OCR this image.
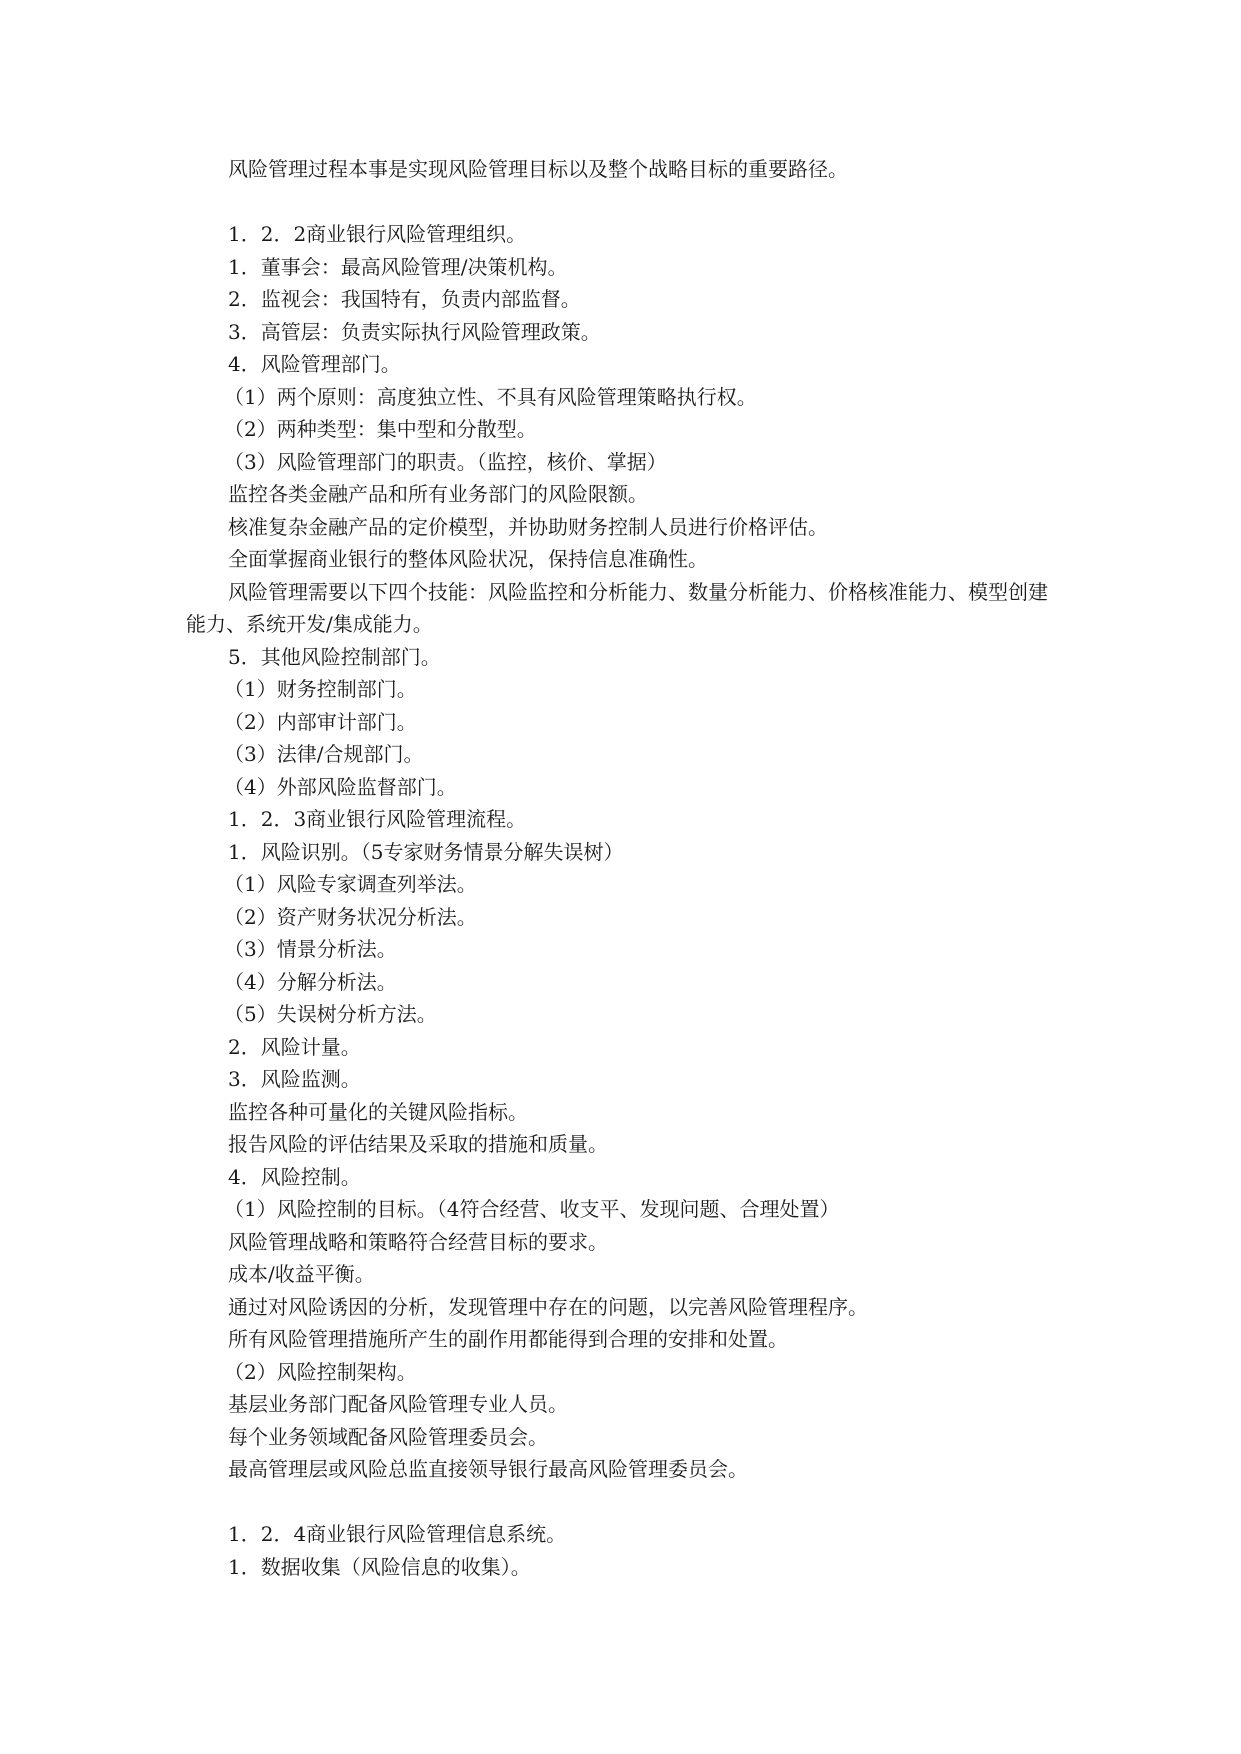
风险管理过程本事是实现风险管理目标以及整个战略目标的重要路径。
1．2．2商业银行风险管理组织。
1．董事会：最高风险管理/决策机构。
2．监视会：我国特有，负责内部监督。
3．高管层：负责实际执行风险管理政策。
4．风险管理部门。
（1）两个原则：高度独立性、不具有风险管理策略执行权。
（2）两种类型：集中型和分散型。
（3）风险管理部门的职责。（监控，核价、掌据）
监控各类金融产品和所有业务部门的风险限额。
核准复杂金融产品的定价模型，并协助财务控制人员进行价格评估。
全面掌握商业银行的整体风险状况，保持信息准确性。
风险管理需要以下四个技能：风险监控和分析能力、数量分析能力、价格核准能力、模型创建能力、系统开发/集成能力。
5．其他风险控制部门。
（1）财务控制部门。
（2）内部审计部门。
（3）法律/合规部门。
（4）外部风险监督部门。
1．2．3商业银行风险管理流程。
1．风险识别。（5专家财务情景分解失误树）
（1）风险专家调查列举法。
（2）资产财务状况分析法。
（3）情景分析法。
（4）分解分析法。
（5）失误树分析方法。
2．风险计量。
3．风险监测。
监控各种可量化的关键风险指标。
报告风险的评估结果及采取的措施和质量。
4．风险控制。
（1）风险控制的目标。（4符合经营、收支平、发现问题、合理处置）
风险管理战略和策略符合经营目标的要求。
成本/收益平衡。
通过对风险诱因的分析，发现管理中存在的问题，以完善风险管理程序。
所有风险管理措施所产生的副作用都能得到合理的安排和处置。
（2）风险控制架构。
基层业务部门配备风险管理专业人员。
每个业务领域配备风险管理委员会。
最高管理层或风险总监直接领导银行最高风险管理委员会。
1．2．4商业银行风险管理信息系统。
1．数据收集（风险信息的收集）。
